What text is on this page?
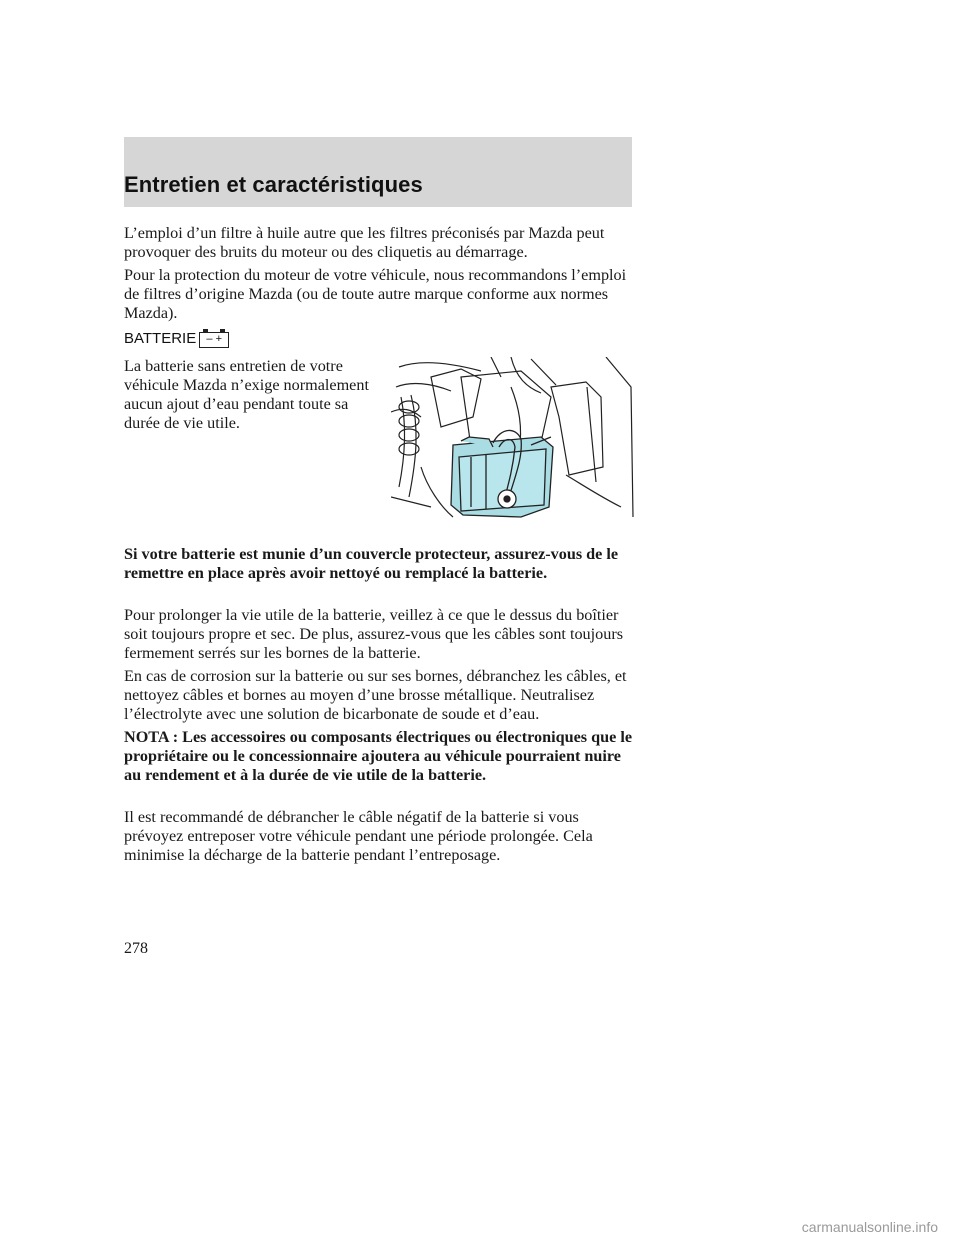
Entretien et caractéristiques

L’emploi d’un filtre à huile autre que les filtres préconisés par Mazda peut provoquer des bruits du moteur ou des cliquetis au démarrage.

Pour la protection du moteur de votre véhicule, nous recommandons l’emploi de filtres d’origine Mazda (ou de toute autre marque conforme aux normes Mazda).

BATTERIE – +

La batterie sans entretien de votre véhicule Mazda n’exige normalement aucun ajout d’eau pendant toute sa durée de vie utile.

Si votre batterie est munie d’un couvercle protecteur, assurez-vous de le remettre en place après avoir nettoyé ou remplacé la batterie.

Pour prolonger la vie utile de la batterie, veillez à ce que le dessus du boîtier soit toujours propre et sec. De plus, assurez-vous que les câbles sont toujours fermement serrés sur les bornes de la batterie.

En cas de corrosion sur la batterie ou sur ses bornes, débranchez les câbles, et nettoyez câbles et bornes au moyen d’une brosse métallique. Neutralisez l’électrolyte avec une solution de bicarbonate de soude et d’eau.

NOTA : Les accessoires ou composants électriques ou électroniques que le propriétaire ou le concessionnaire ajoutera au véhicule pourraient nuire au rendement et à la durée de vie utile de la batterie.

Il est recommandé de débrancher le câble négatif de la batterie si vous prévoyez entreposer votre véhicule pendant une période prolongée. Cela minimise la décharge de la batterie pendant l’entreposage.

278
carmanualsonline.info
